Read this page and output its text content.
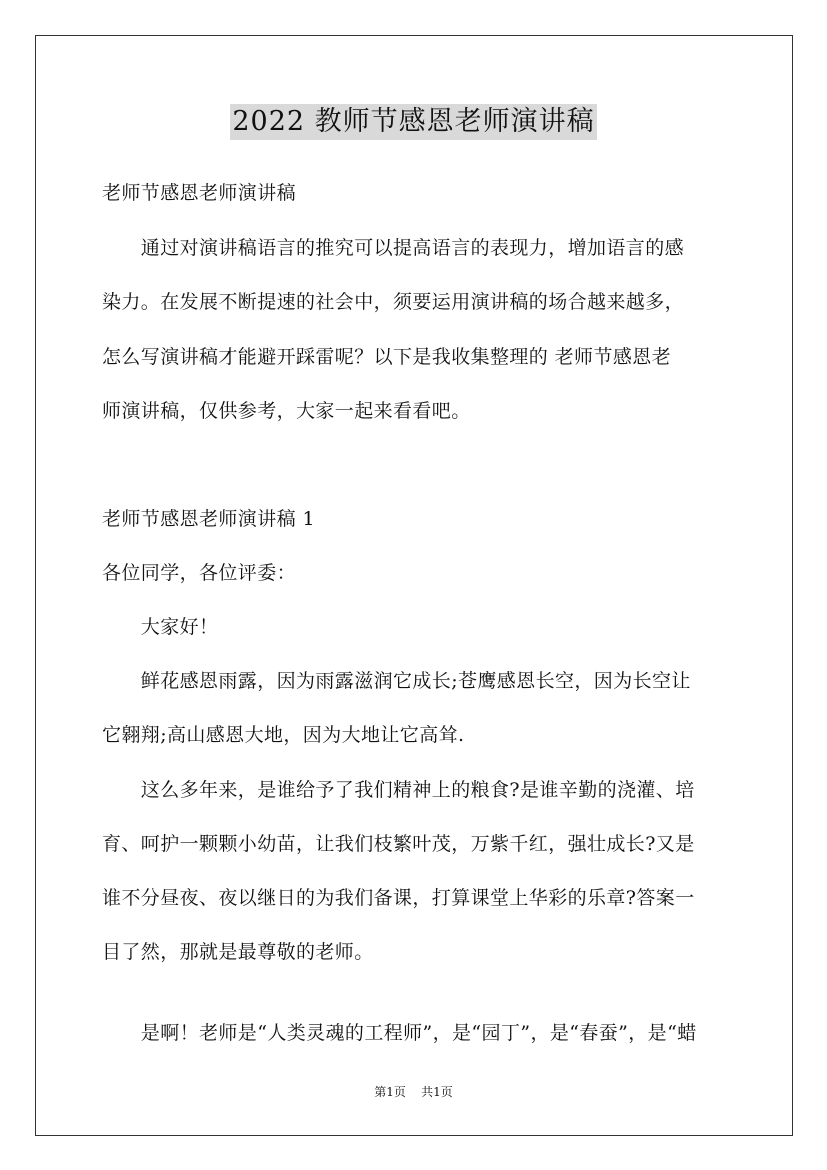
2022 教师节感恩老师演讲稿
老师节感恩老师演讲稿
　　通过对演讲稿语言的推究可以提高语言的表现力，增加语言的感
染力。在发展不断提速的社会中，须要运用演讲稿的场合越来越多，
怎么写演讲稿才能避开踩雷呢？以下是我收集整理的 老师节感恩老
师演讲稿，仅供参考，大家一起来看看吧。
老师节感恩老师演讲稿 1
各位同学，各位评委：
　　大家好！
　　鲜花感恩雨露，因为雨露滋润它成长;苍鹰感恩长空，因为长空让
它翱翔;高山感恩大地，因为大地让它高耸.
　　这么多年来，是谁给予了我们精神上的粮食?是谁辛勤的浇灌、培
育、呵护一颗颗小幼苗，让我们枝繁叶茂，万紫千红，强壮成长?又是
谁不分昼夜、夜以继日的为我们备课，打算课堂上华彩的乐章?答案一
目了然，那就是最尊敬的老师。
　　是啊！老师是“人类灵魂的工程师”，是“园丁”，是“春蚕”，是“蜡
第1页 共1页
